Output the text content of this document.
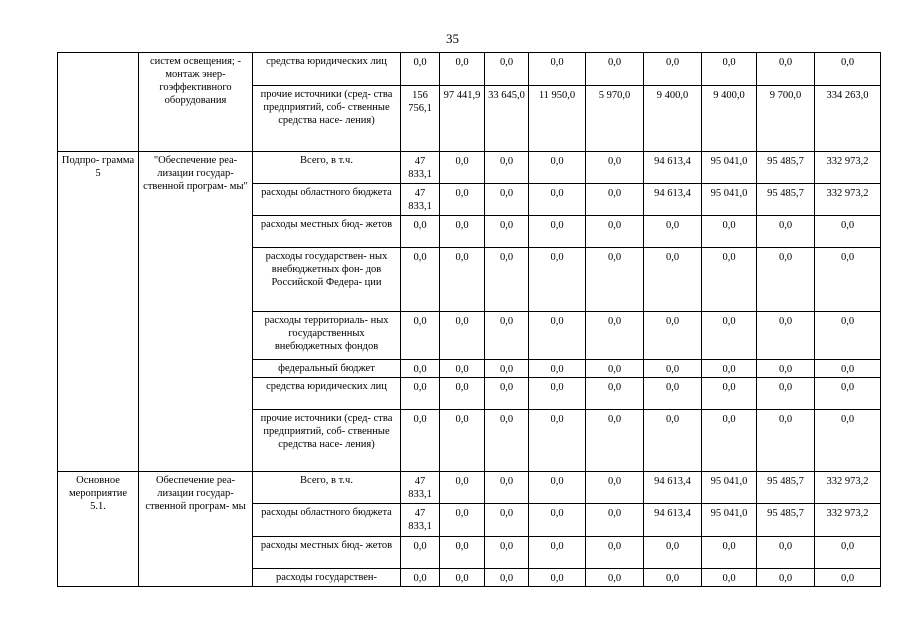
35
	систем освещения; - монтаж энер- гоэффективного оборудования	средства юридических лиц	0,0	0,0	0,0	0,0	0,0	0,0	0,0	0,0	0,0
		прочие источники (сред- ства предприятий, соб- ственные средства насе- ления)	156 756,1	97 441,9	33 645,0	11 950,0	5 970,0	9 400,0	9 400,0	9 700,0	334 263,0
Подпро- грамма 5	"Обеспечение реа- лизации государ- ственной програм- мы"	Всего, в т.ч.	47 833,1	0,0	0,0	0,0	0,0	94 613,4	95 041,0	95 485,7	332 973,2
		расходы областного бюджета	47 833,1	0,0	0,0	0,0	0,0	94 613,4	95 041,0	95 485,7	332 973,2
		расходы местных бюд- жетов	0,0	0,0	0,0	0,0	0,0	0,0	0,0	0,0	0,0
		расходы государствен- ных внебюджетных фон- дов Российской Федера- ции	0,0	0,0	0,0	0,0	0,0	0,0	0,0	0,0	0,0
		расходы территориаль- ных государственных внебюджетных фондов	0,0	0,0	0,0	0,0	0,0	0,0	0,0	0,0	0,0
		федеральный бюджет	0,0	0,0	0,0	0,0	0,0	0,0	0,0	0,0	0,0
		средства юридических лиц	0,0	0,0	0,0	0,0	0,0	0,0	0,0	0,0	0,0
		прочие источники (сред- ства предприятий, соб- ственные средства насе- ления)	0,0	0,0	0,0	0,0	0,0	0,0	0,0	0,0	0,0
Основное мероприятие 5.1.	Обеспечение реа- лизации государ- ственной програм- мы	Всего, в т.ч.	47 833,1	0,0	0,0	0,0	0,0	94 613,4	95 041,0	95 485,7	332 973,2
		расходы областного бюджета	47 833,1	0,0	0,0	0,0	0,0	94 613,4	95 041,0	95 485,7	332 973,2
		расходы местных бюд- жетов	0,0	0,0	0,0	0,0	0,0	0,0	0,0	0,0	0,0
		расходы государствен-	0,0	0,0	0,0	0,0	0,0	0,0	0,0	0,0	0,0
